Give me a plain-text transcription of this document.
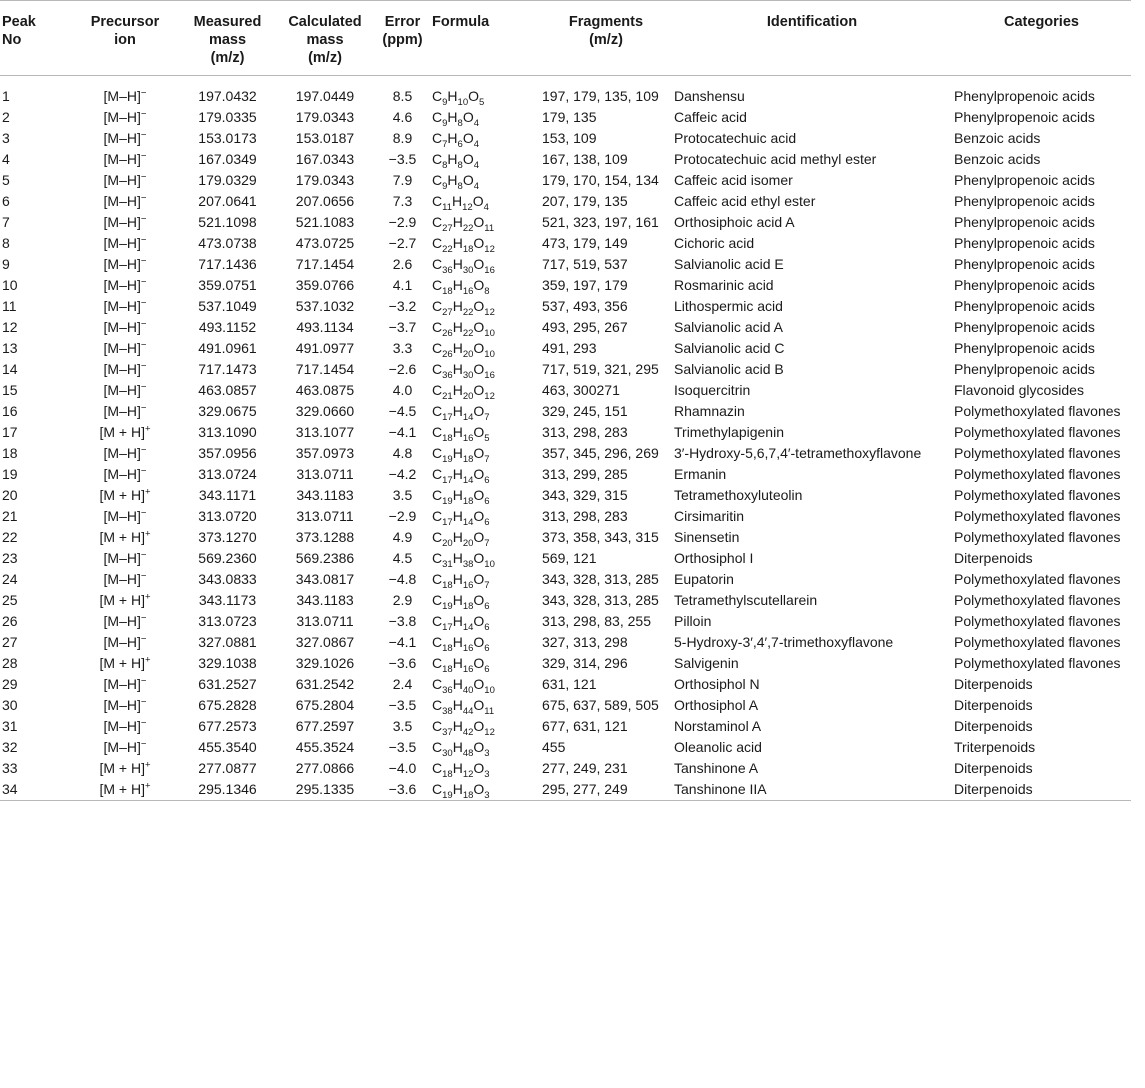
Peak
No	Precursor
ion	Measured
mass
(m/z)	Calculated
mass
(m/z)	Error
(ppm)	Formula	Fragments
(m/z)	Identification	Categories
1	[M–H]−	197.0432	197.0449	8.5	$C_9H_{10}O_5$	197, 179, 135, 109	Danshensu	Phenylpropenoic acids
2	[M–H]−	179.0335	179.0343	4.6	$C_9H_8O_4$	179, 135	Caffeic acid	Phenylpropenoic acids
3	[M–H]−	153.0173	153.0187	8.9	$C_7H_6O_4$	153, 109	Protocatechuic acid	Benzoic acids
4	[M–H]−	167.0349	167.0343	−3.5	$C_8H_8O_4$	167, 138, 109	Protocatechuic acid methyl ester	Benzoic acids
5	[M–H]−	179.0329	179.0343	7.9	$C_9H_8O_4$	179, 170, 154, 134	Caffeic acid isomer	Phenylpropenoic acids
6	[M–H]−	207.0641	207.0656	7.3	$C_{11}H_{12}O_4$	207, 179, 135	Caffeic acid ethyl ester	Phenylpropenoic acids
7	[M–H]−	521.1098	521.1083	−2.9	$C_{27}H_{22}O_{11}$	521, 323, 197, 161	Orthosiphoic acid A	Phenylpropenoic acids
8	[M–H]−	473.0738	473.0725	−2.7	$C_{22}H_{18}O_{12}$	473, 179, 149	Cichoric acid	Phenylpropenoic acids
9	[M–H]−	717.1436	717.1454	2.6	$C_{36}H_{30}O_{16}$	717, 519, 537	Salvianolic acid E	Phenylpropenoic acids
10	[M–H]−	359.0751	359.0766	4.1	$C_{18}H_{16}O_8$	359, 197, 179	Rosmarinic acid	Phenylpropenoic acids
11	[M–H]−	537.1049	537.1032	−3.2	$C_{27}H_{22}O_{12}$	537, 493, 356	Lithospermic acid	Phenylpropenoic acids
12	[M–H]−	493.1152	493.1134	−3.7	$C_{26}H_{22}O_{10}$	493, 295, 267	Salvianolic acid A	Phenylpropenoic acids
13	[M–H]−	491.0961	491.0977	3.3	$C_{26}H_{20}O_{10}$	491, 293	Salvianolic acid C	Phenylpropenoic acids
14	[M–H]−	717.1473	717.1454	−2.6	$C_{36}H_{30}O_{16}$	717, 519, 321, 295	Salvianolic acid B	Phenylpropenoic acids
15	[M–H]−	463.0857	463.0875	4.0	$C_{21}H_{20}O_{12}$	463, 300271	Isoquercitrin	Flavonoid glycosides
16	[M–H]−	329.0675	329.0660	−4.5	$C_{17}H_{14}O_7$	329, 245, 151	Rhamnazin	Polymethoxylated flavones
17	[M + H]+	313.1090	313.1077	−4.1	$C_{18}H_{16}O_5$	313, 298, 283	Trimethylapigenin	Polymethoxylated flavones
18	[M–H]−	357.0956	357.0973	4.8	$C_{19}H_{18}O_7$	357, 345, 296, 269	3′-Hydroxy-5,6,7,4′-tetramethoxyflavone	Polymethoxylated flavones
19	[M–H]−	313.0724	313.0711	−4.2	$C_{17}H_{14}O_6$	313, 299, 285	Ermanin	Polymethoxylated flavones
20	[M + H]+	343.1171	343.1183	3.5	$C_{19}H_{18}O_6$	343, 329, 315	Tetramethoxyluteolin	Polymethoxylated flavones
21	[M–H]−	313.0720	313.0711	−2.9	$C_{17}H_{14}O_6$	313, 298, 283	Cirsimaritin	Polymethoxylated flavones
22	[M + H]+	373.1270	373.1288	4.9	$C_{20}H_{20}O_7$	373, 358, 343, 315	Sinensetin	Polymethoxylated flavones
23	[M–H]−	569.2360	569.2386	4.5	$C_{31}H_{38}O_{10}$	569, 121	Orthosiphol I	Diterpenoids
24	[M–H]−	343.0833	343.0817	−4.8	$C_{18}H_{16}O_7$	343, 328, 313, 285	Eupatorin	Polymethoxylated flavones
25	[M + H]+	343.1173	343.1183	2.9	$C_{19}H_{18}O_6$	343, 328, 313, 285	Tetramethylscutellarein	Polymethoxylated flavones
26	[M–H]−	313.0723	313.0711	−3.8	$C_{17}H_{14}O_6$	313, 298, 83, 255	Pilloin	Polymethoxylated flavones
27	[M–H]−	327.0881	327.0867	−4.1	$C_{18}H_{16}O_6$	327, 313, 298	5-Hydroxy-3′,4′,7-trimethoxyflavone	Polymethoxylated flavones
28	[M + H]+	329.1038	329.1026	−3.6	$C_{18}H_{16}O_6$	329, 314, 296	Salvigenin	Polymethoxylated flavones
29	[M–H]−	631.2527	631.2542	2.4	$C_{36}H_{40}O_{10}$	631, 121	Orthosiphol N	Diterpenoids
30	[M–H]−	675.2828	675.2804	−3.5	$C_{38}H_{44}O_{11}$	675, 637, 589, 505	Orthosiphol A	Diterpenoids
31	[M–H]−	677.2573	677.2597	3.5	$C_{37}H_{42}O_{12}$	677, 631, 121	Norstaminol A	Diterpenoids
32	[M–H]−	455.3540	455.3524	−3.5	$C_{30}H_{48}O_3$	455	Oleanolic acid	Triterpenoids
33	[M + H]+	277.0877	277.0866	−4.0	$C_{18}H_{12}O_3$	277, 249, 231	Tanshinone A	Diterpenoids
34	[M + H]+	295.1346	295.1335	−3.6	$C_{19}H_{18}O_3$	295, 277, 249	Tanshinone IIA	Diterpenoids
